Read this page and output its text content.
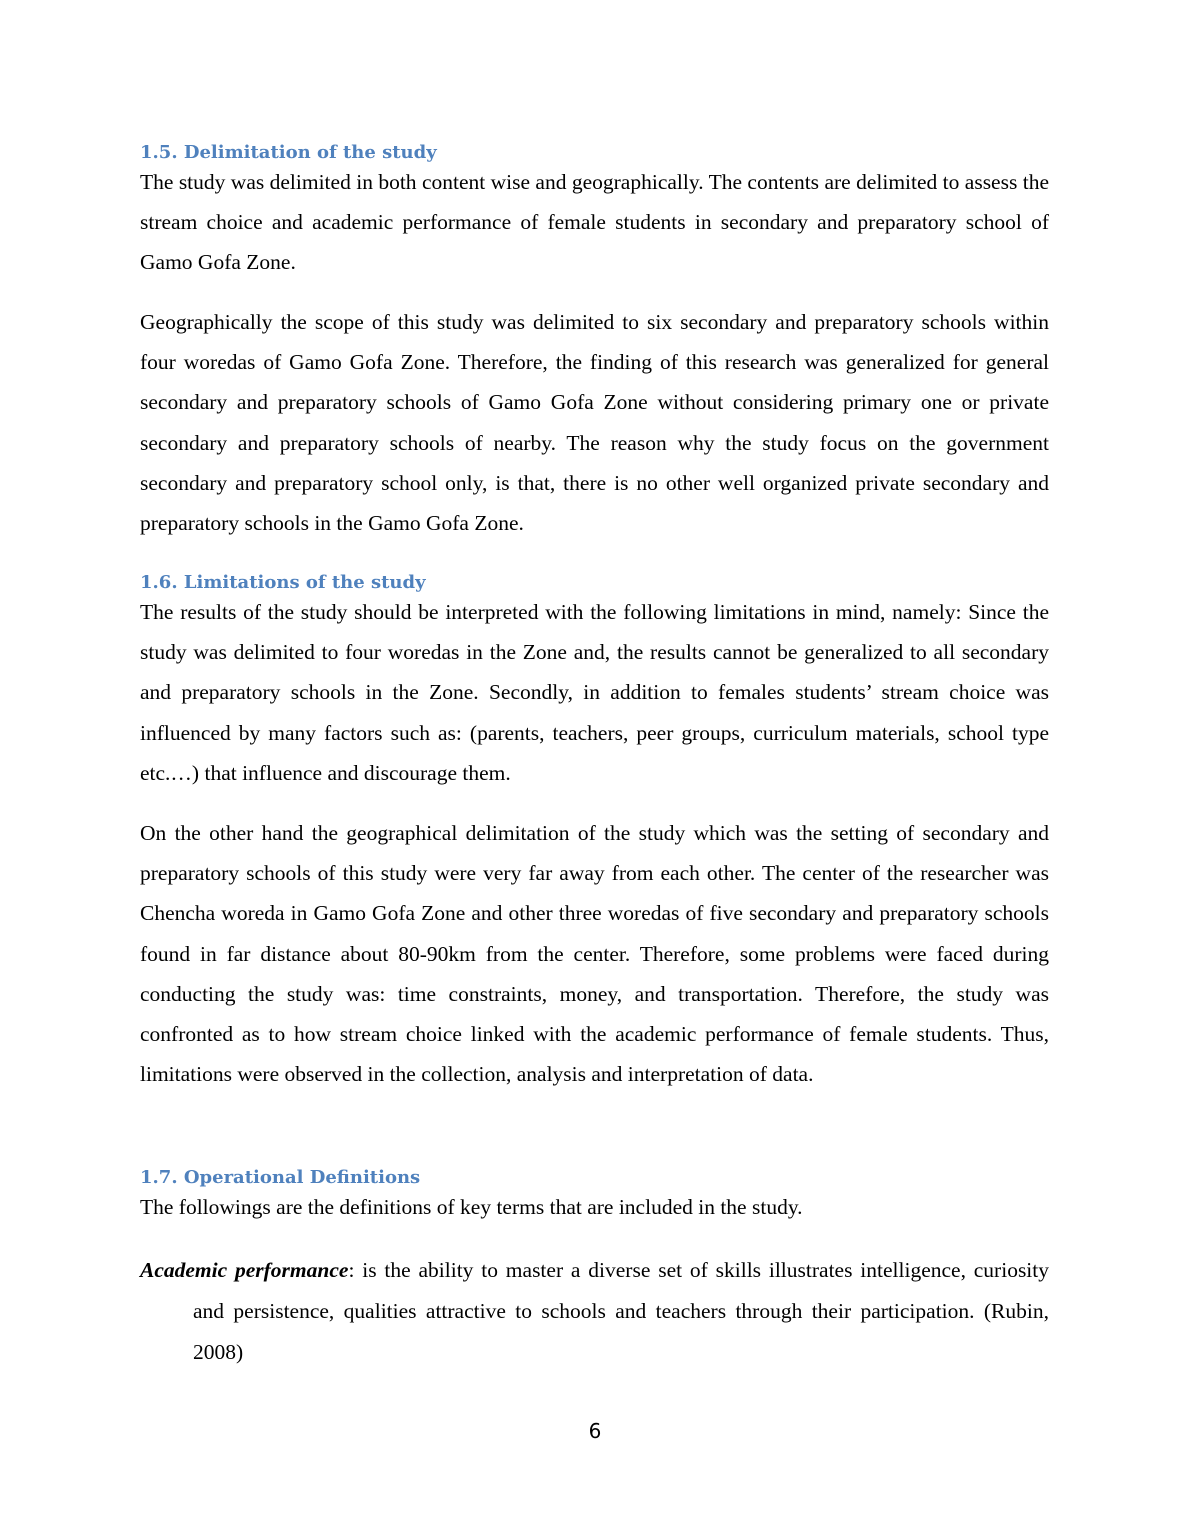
1.5. Delimitation of the study

The study was delimited in both content wise and geographically. The contents are delimited to assess the stream choice and academic performance of female students in secondary and preparatory school of Gamo Gofa Zone.

Geographically the scope of this study was delimited to six secondary and preparatory schools within four woredas of Gamo Gofa Zone. Therefore, the finding of this research was generalized for general secondary and preparatory schools of Gamo Gofa Zone without considering primary one or private secondary and preparatory schools of nearby. The reason why the study focus on the government secondary and preparatory school only, is that, there is no other well organized private secondary and preparatory schools in the Gamo Gofa Zone.

1.6. Limitations of the study

The results of the study should be interpreted with the following limitations in mind, namely: Since the study was delimited to four woredas in the Zone and, the results cannot be generalized to all secondary and preparatory schools in the Zone. Secondly, in addition to females students’ stream choice was influenced by many factors such as: (parents, teachers, peer groups, curriculum materials, school type etc.…) that influence and discourage them.

On the other hand the geographical delimitation of the study which was the setting of secondary and preparatory schools of this study were very far away from each other. The center of the researcher was Chencha woreda in Gamo Gofa Zone and other three woredas of five secondary and preparatory schools found in far distance about 80-90km from the center. Therefore, some problems were faced during conducting the study was: time constraints, money, and transportation. Therefore, the study was confronted as to how stream choice linked with the academic performance of female students. Thus, limitations were observed in the collection, analysis and interpretation of data.

1.7. Operational Definitions

The followings are the definitions of key terms that are included in the study.

Academic performance: is the ability to master a diverse set of skills illustrates intelligence, curiosity and persistence, qualities attractive to schools and teachers through their participation. (Rubin, 2008)

6
